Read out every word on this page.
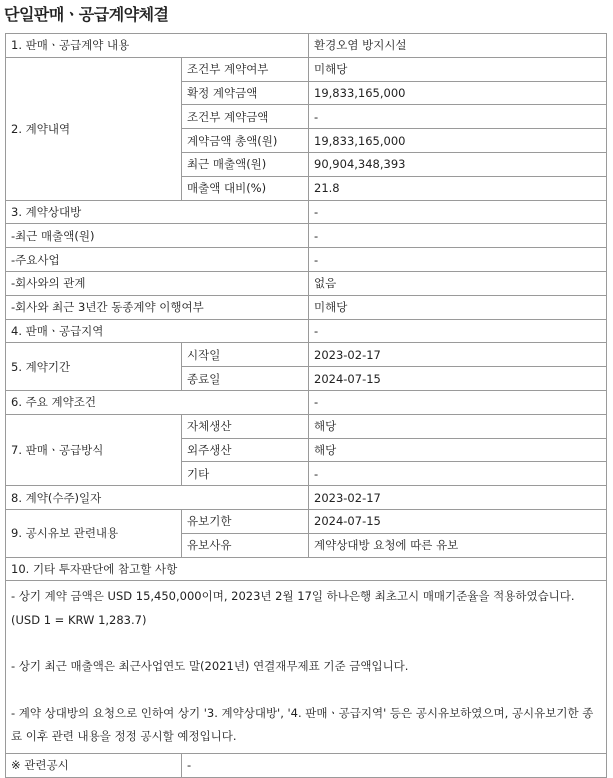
단일판매ㆍ공급계약체결
1. 판매ㆍ공급계약 내용		환경오염 방지시설
2. 계약내역	조건부 계약여부	미해당
	확정 계약금액	19,833,165,000
	조건부 계약금액	-
	계약금액 총액(원)	19,833,165,000
	최근 매출액(원)	90,904,348,393
	매출액 대비(%)	21.8
3. 계약상대방		-
-최근 매출액(원)		-
-주요사업		-
-회사와의 관계		없음
-회사와 최근 3년간 동종계약 이행여부		미해당
4. 판매ㆍ공급지역		-
5. 계약기간	시작일	2023-02-17
	종료일	2024-07-15
6. 주요 계약조건		-
7. 판매ㆍ공급방식	자체생산	해당
	외주생산	해당
	기타	-
8. 계약(수주)일자		2023-02-17
9. 공시유보 관련내용	유보기한	2024-07-15
	유보사유	계약상대방 요청에 따른 유보
10. 기타 투자판단에 참고할 사항		

- 상기 계약 금액은 USD 15,450,000이며, 2023년 2월 17일 하나은행 최초고시 매매기준율을 적용하였습니다.(USD 1 = KRW 1,283.7)

- 상기 최근 매출액은 최근사업연도 말(2021년) 연결재무제표 기준 금액입니다.

- 계약 상대방의 요청으로 인하여 상기 '3. 계약상대방', '4. 판매ㆍ공급지역' 등은 공시유보하였으며, 공시유보기한 종료 이후 관련 내용을 정정 공시할 예정입니다.		

※ 관련공시	-	
